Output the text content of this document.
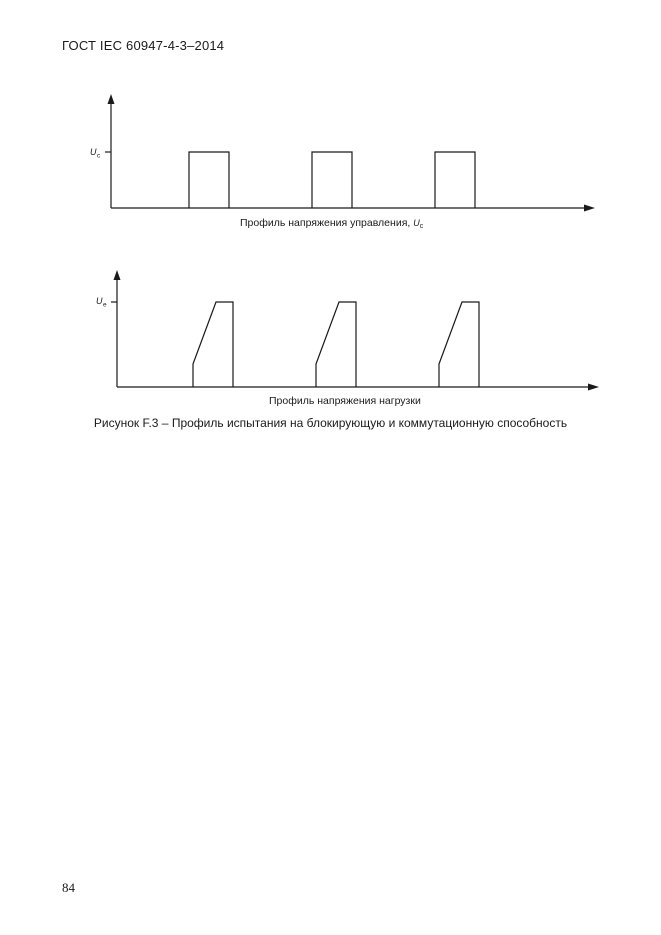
ГОСТ IEC 60947-4-3–2014
U c
Профиль напряжения управления, Uc
U e
Профиль напряжения нагрузки
Рисунок F.3 – Профиль испытания на блокирующую и коммутационную способность
84
